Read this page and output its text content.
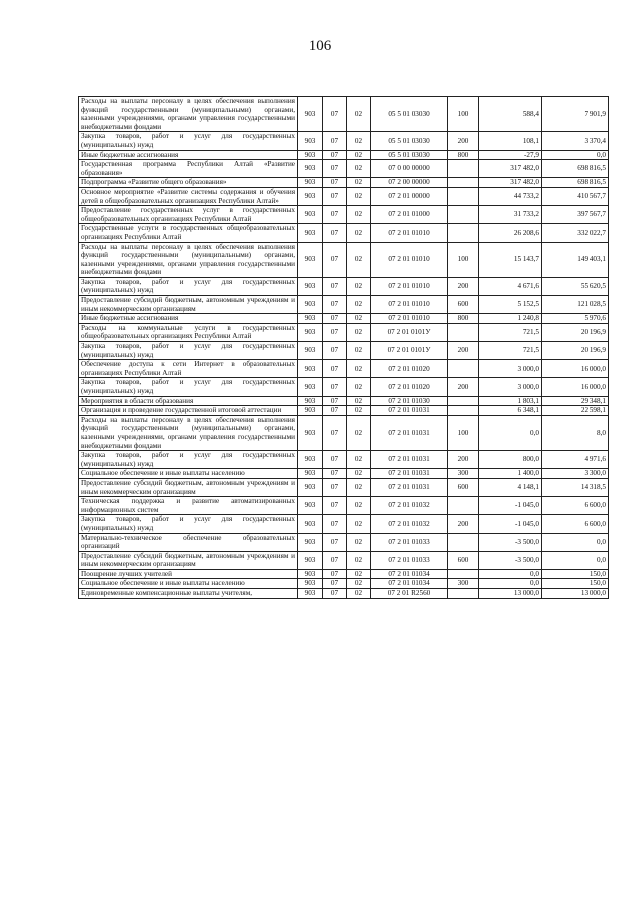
106
Расходы на выплаты персоналу в целях обеспечения выполнения функций государственными (муниципальными) органами, казенными учреждениями, органами управления государственными внебюджетными фондами	903	07	02	05 5 01 03030	100	588,4	7 901,9
Закупка товаров, работ и услуг для государственных (муниципальных) нужд	903	07	02	05 5 01 03030	200	108,1	3 370,4
Иные бюджетные ассигнования	903	07	02	05 5 01 03030	800	-27,9	0,0
Государственная программа Республики Алтай «Развитие образования»	903	07	02	07 0 00 00000		317 482,0	698 816,5
Подпрограмма «Развитие общего образования»	903	07	02	07 2 00 00000		317 482,0	698 816,5
Основное мероприятие «Развитие системы содержания и обучения детей в общеобразовательных организациях Республики Алтай»	903	07	02	07 2 01 00000		44 733,2	410 567,7
Предоставление государственных услуг в государственных общеобразовательных организациях Республики Алтай	903	07	02	07 2 01 01000		31 733,2	397 567,7
Государственные услуги в государственных общеобразовательных организациях Республики Алтай	903	07	02	07 2 01 01010		26 208,6	332 022,7
Расходы на выплаты персоналу в целях обеспечения выполнения функций государственными (муниципальными) органами, казенными учреждениями, органами управления государственными внебюджетными фондами	903	07	02	07 2 01 01010	100	15 143,7	149 403,1
Закупка товаров, работ и услуг для государственных (муниципальных) нужд	903	07	02	07 2 01 01010	200	4 671,6	55 620,5
Предоставление субсидий бюджетным, автономным учреждениям и иным некоммерческим организациям	903	07	02	07 2 01 01010	600	5 152,5	121 028,5
Иные бюджетные ассигнования	903	07	02	07 2 01 01010	800	1 240,8	5 970,6
Расходы на коммунальные услуги в государственных общеобразовательных организациях Республики Алтай	903	07	02	07 2 01 0101У		721,5	20 196,9
Закупка товаров, работ и услуг для государственных (муниципальных) нужд	903	07	02	07 2 01 0101У	200	721,5	20 196,9
Обеспечение доступа к сети Интернет в образовательных организациях Республики Алтай	903	07	02	07 2 01 01020		3 000,0	16 000,0
Закупка товаров, работ и услуг для государственных (муниципальных) нужд	903	07	02	07 2 01 01020	200	3 000,0	16 000,0
Мероприятия в области образования	903	07	02	07 2 01 01030		1 803,1	29 348,1
Организация и проведение государственной итоговой аттестации	903	07	02	07 2 01 01031		6 348,1	22 598,1
Расходы на выплаты персоналу в целях обеспечения выполнения функций государственными (муниципальными) органами, казенными учреждениями, органами управления государственными внебюджетными фондами	903	07	02	07 2 01 01031	100	0,0	8,0
Закупка товаров, работ и услуг для государственных (муниципальных) нужд	903	07	02	07 2 01 01031	200	800,0	4 971,6
Социальное обеспечение и иные выплаты населению	903	07	02	07 2 01 01031	300	1 400,0	3 300,0
Предоставление субсидий бюджетным, автономным учреждениям и иным некоммерческим организациям	903	07	02	07 2 01 01031	600	4 148,1	14 318,5
Техническая поддержка и развитие автоматизированных информационных систем	903	07	02	07 2 01 01032		-1 045,0	6 600,0
Закупка товаров, работ и услуг для государственных (муниципальных) нужд	903	07	02	07 2 01 01032	200	-1 045,0	6 600,0
Материально-техническое обеспечение образовательных организаций	903	07	02	07 2 01 01033		-3 500,0	0,0
Предоставление субсидий бюджетным, автономным учреждениям и иным некоммерческим организациям	903	07	02	07 2 01 01033	600	-3 500,0	0,0
Поощрение лучших учителей	903	07	02	07 2 01 01034		0,0	150,0
Социальное обеспечение и иные выплаты населению	903	07	02	07 2 01 01034	300	0,0	150,0
Единовременные компенсационные выплаты учителям,	903	07	02	07 2 01 R2560		13 000,0	13 000,0
